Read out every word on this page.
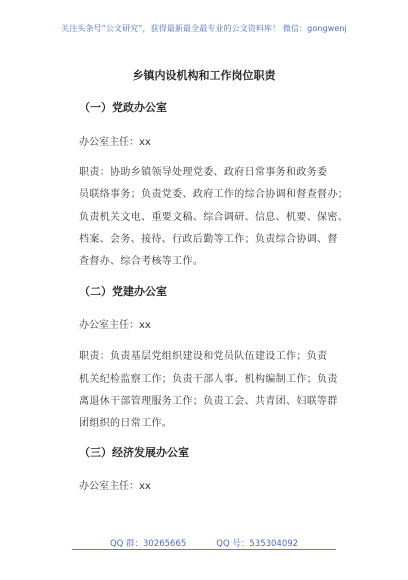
关注头条号“公文研究”，获得最新最全最专业的公文资料库！ 微信：gongwenj
乡镇内设机构和工作岗位职责
（一）党政办公室
办公室主任：xx
职责：协助乡镇领导处理党委、政府日常事务和政务委
员联络事务；负责党委、政府工作的综合协调和督查督办；
负责机关文电、重要文稿、综合调研、信息、机要、保密、
档案、会务、接待、行政后勤等工作；负责综合协调、督
查督办、综合考核等工作。
（二）党建办公室
办公室主任：xx
职责：负责基层党组织建设和党员队伍建设工作；负责
机关纪检监察工作；负责干部人事、机构编制工作；负责
离退休干部管理服务工作；负责工会、共青团、妇联等群
团组织的日常工作。
（三）经济发展办公室
办公室主任：xx
QQ 群：30265665	QQ 号：535304092
